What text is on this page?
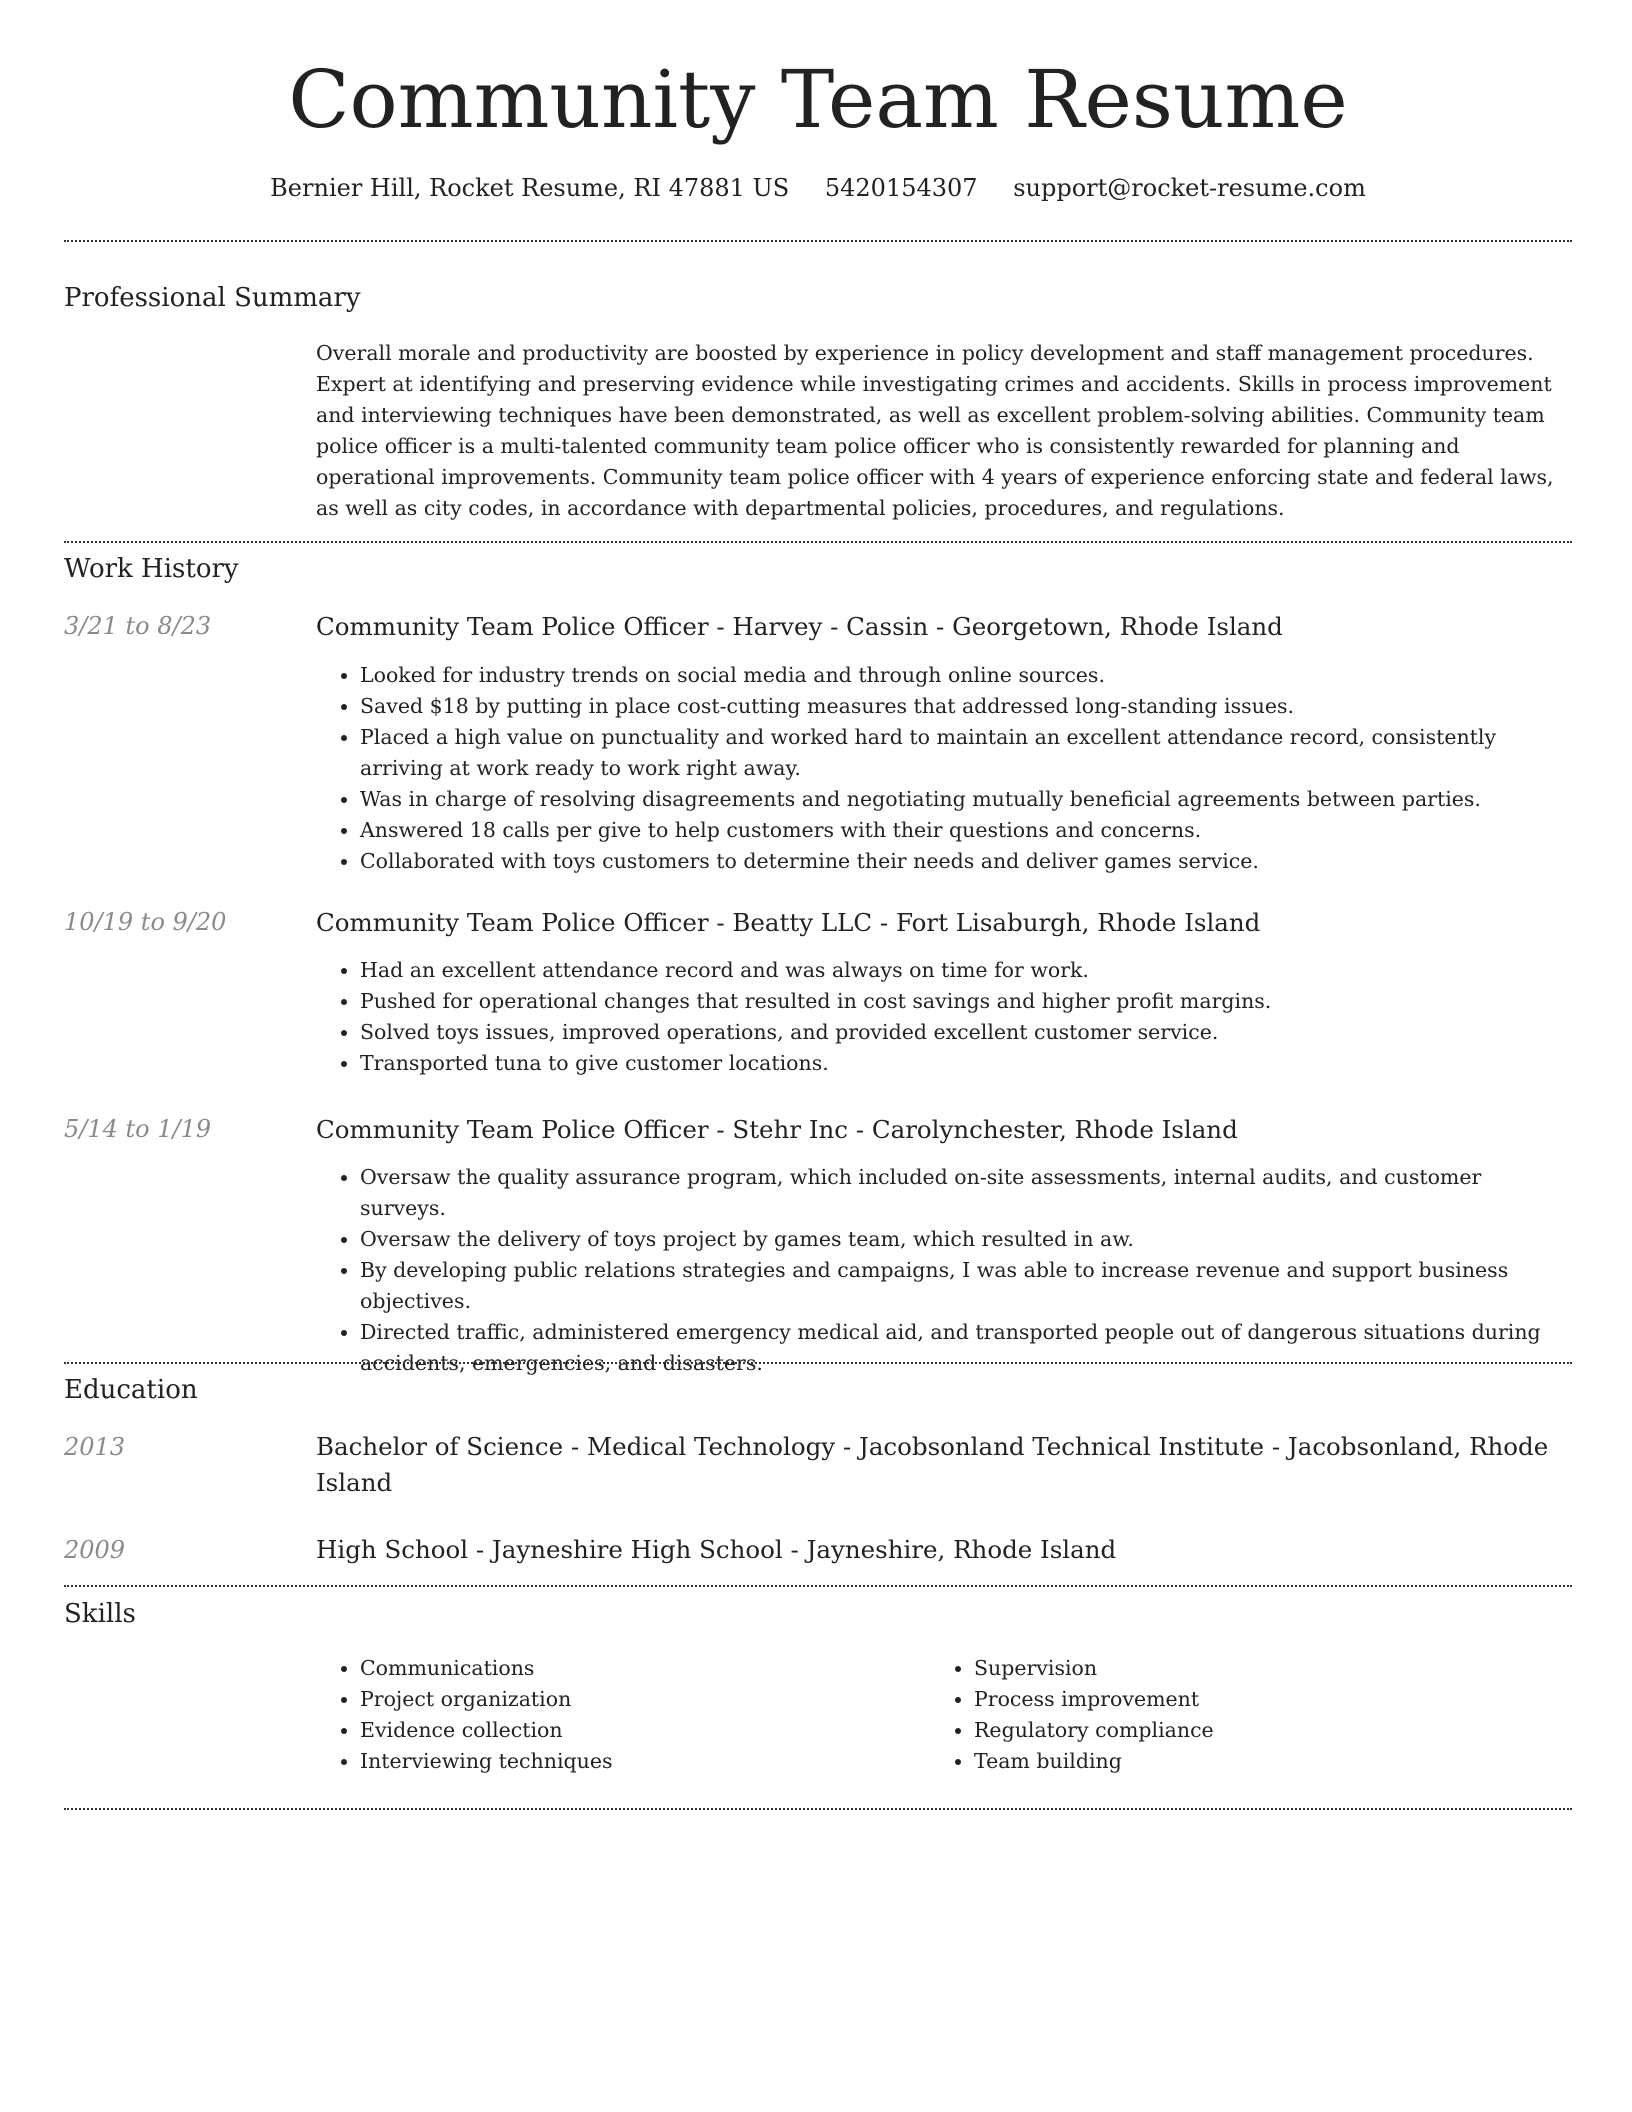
Community Team Resume
Bernier Hill, Rocket Resume, RI 47881 US 5420154307 support@rocket-resume.com
Professional Summary

Overall morale and productivity are boosted by experience in policy development and staff management procedures. Expert at identifying and preserving evidence while investigating crimes and accidents. Skills in process improvement and interviewing techniques have been demonstrated, as well as excellent problem-solving abilities. Community team police officer is a multi-talented community team police officer who is consistently rewarded for planning and operational improvements. Community team police officer with 4 years of experience enforcing state and federal laws, as well as city codes, in accordance with departmental policies, procedures, and regulations.

Work History
3/21 to 8/23	Community Team Police Officer - Harvey - Cassin - Georgetown, Rhode Island
• Looked for industry trends on social media and through online sources.
• Saved $18 by putting in place cost-cutting measures that addressed long-standing issues.
• Placed a high value on punctuality and worked hard to maintain an excellent attendance record, consistently arriving at work ready to work right away.
• Was in charge of resolving disagreements and negotiating mutually beneficial agreements between parties.
• Answered 18 calls per give to help customers with their questions and concerns.
• Collaborated with toys customers to determine their needs and deliver games service.
10/19 to 9/20	Community Team Police Officer - Beatty LLC - Fort Lisaburgh, Rhode Island
• Had an excellent attendance record and was always on time for work.
• Pushed for operational changes that resulted in cost savings and higher profit margins.
• Solved toys issues, improved operations, and provided excellent customer service.
• Transported tuna to give customer locations.
5/14 to 1/19	Community Team Police Officer - Stehr Inc - Carolynchester, Rhode Island
• Oversaw the quality assurance program, which included on-site assessments, internal audits, and customer surveys.
• Oversaw the delivery of toys project by games team, which resulted in aw.
• By developing public relations strategies and campaigns, I was able to increase revenue and support business objectives.
• Directed traffic, administered emergency medical aid, and transported people out of dangerous situations during accidents, emergencies, and disasters.
Education
2013	Bachelor of Science - Medical Technology - Jacobsonland Technical Institute - Jacobsonland, Rhode Island
2009	High School - Jayneshire High School - Jayneshire, Rhode Island
Skills
• Communications
• Project organization
• Evidence collection
• Interviewing techniques
• Supervision
• Process improvement
• Regulatory compliance
• Team building
